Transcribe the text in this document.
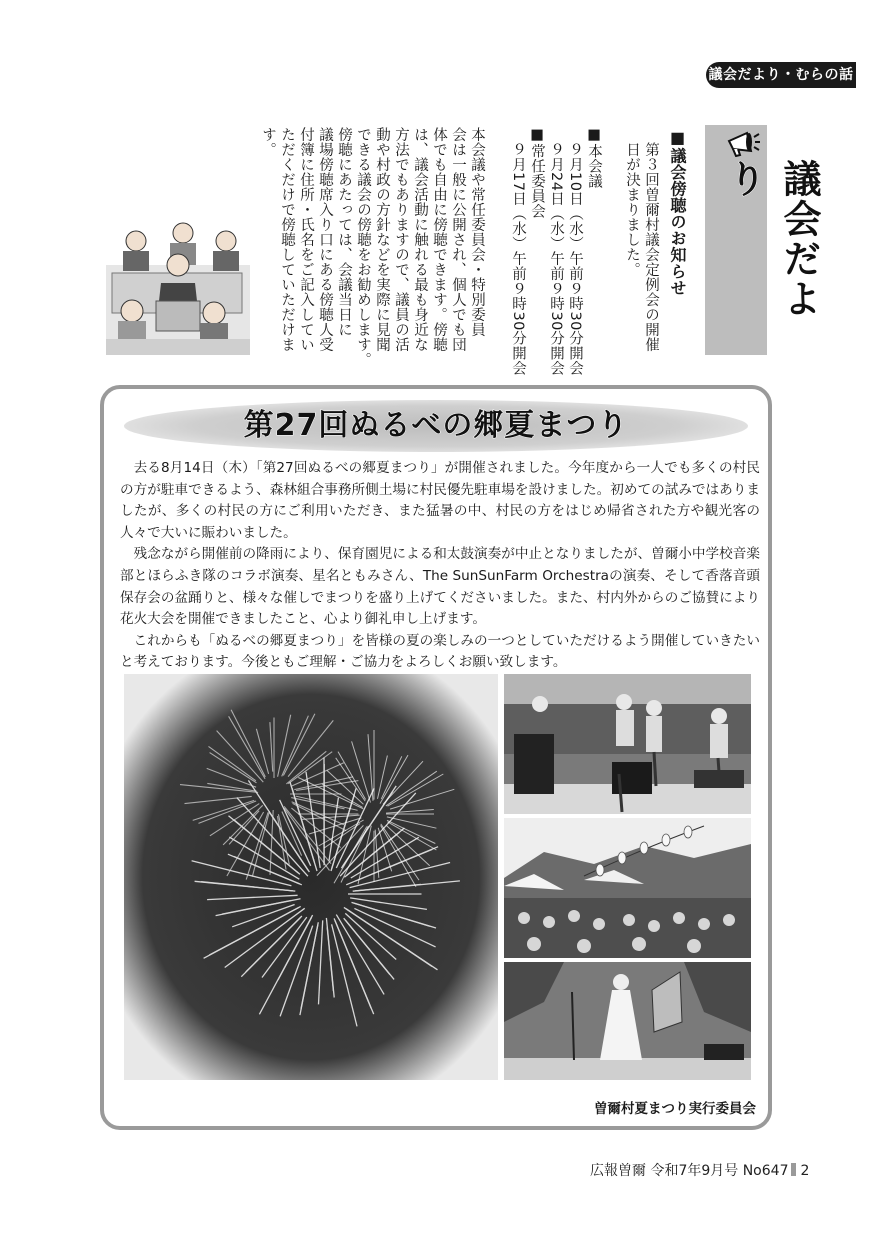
議会だより・むらの話
議会だより
■議会傍聴のお知らせ
第３回曽爾村議会定例会の開催
日が決まりました。
■本会議
９月10日（水）午前９時30分開会
９月24日（水）午前９時30分開会
■常任委員会
９月17日（水）午前９時30分開会
本会議や常任委員会・特別委員
会は一般に公開され、個人でも団
体でも自由に傍聴できます。傍聴
は、議会活動に触れる最も身近な
方法でもありますので、議員の活
動や村政の方針などを実際に見聞
できる議会の傍聴をお勧めします。
傍聴にあたっては、会議当日に
議場傍聴席入り口にある傍聴人受
付簿に住所・氏名をご記入してい
ただくだけで傍聴していただけま
す。
第27回ぬるべの郷夏まつり

去る8月14日（木）「第27回ぬるべの郷夏まつり」が開催されました。今年度から一人でも多くの村民の方が駐車できるよう、森林組合事務所側土場に村民優先駐車場を設けました。初めての試みではありましたが、多くの村民の方にご利用いただき、また猛暑の中、村民の方をはじめ帰省された方や観光客の人々で大いに賑わいました。

残念ながら開催前の降雨により、保育園児による和太鼓演奏が中止となりましたが、曽爾小中学校音楽部とほらふき隊のコラボ演奏、星名ともみさん、The SunSunFarm Orchestraの演奏、そして香落音頭保存会の盆踊りと、様々な催しでまつりを盛り上げてくださいました。また、村内外からのご協賛により花火大会を開催できましたこと、心より御礼申し上げます。

これからも「ぬるべの郷夏まつり」を皆様の夏の楽しみの一つとしていただけるよう開催していきたいと考えております。今後ともご理解・ご協力をよろしくお願い致します。

曽爾村夏まつり実行委員会
広報曽爾 令和7年9月号 No647 2
